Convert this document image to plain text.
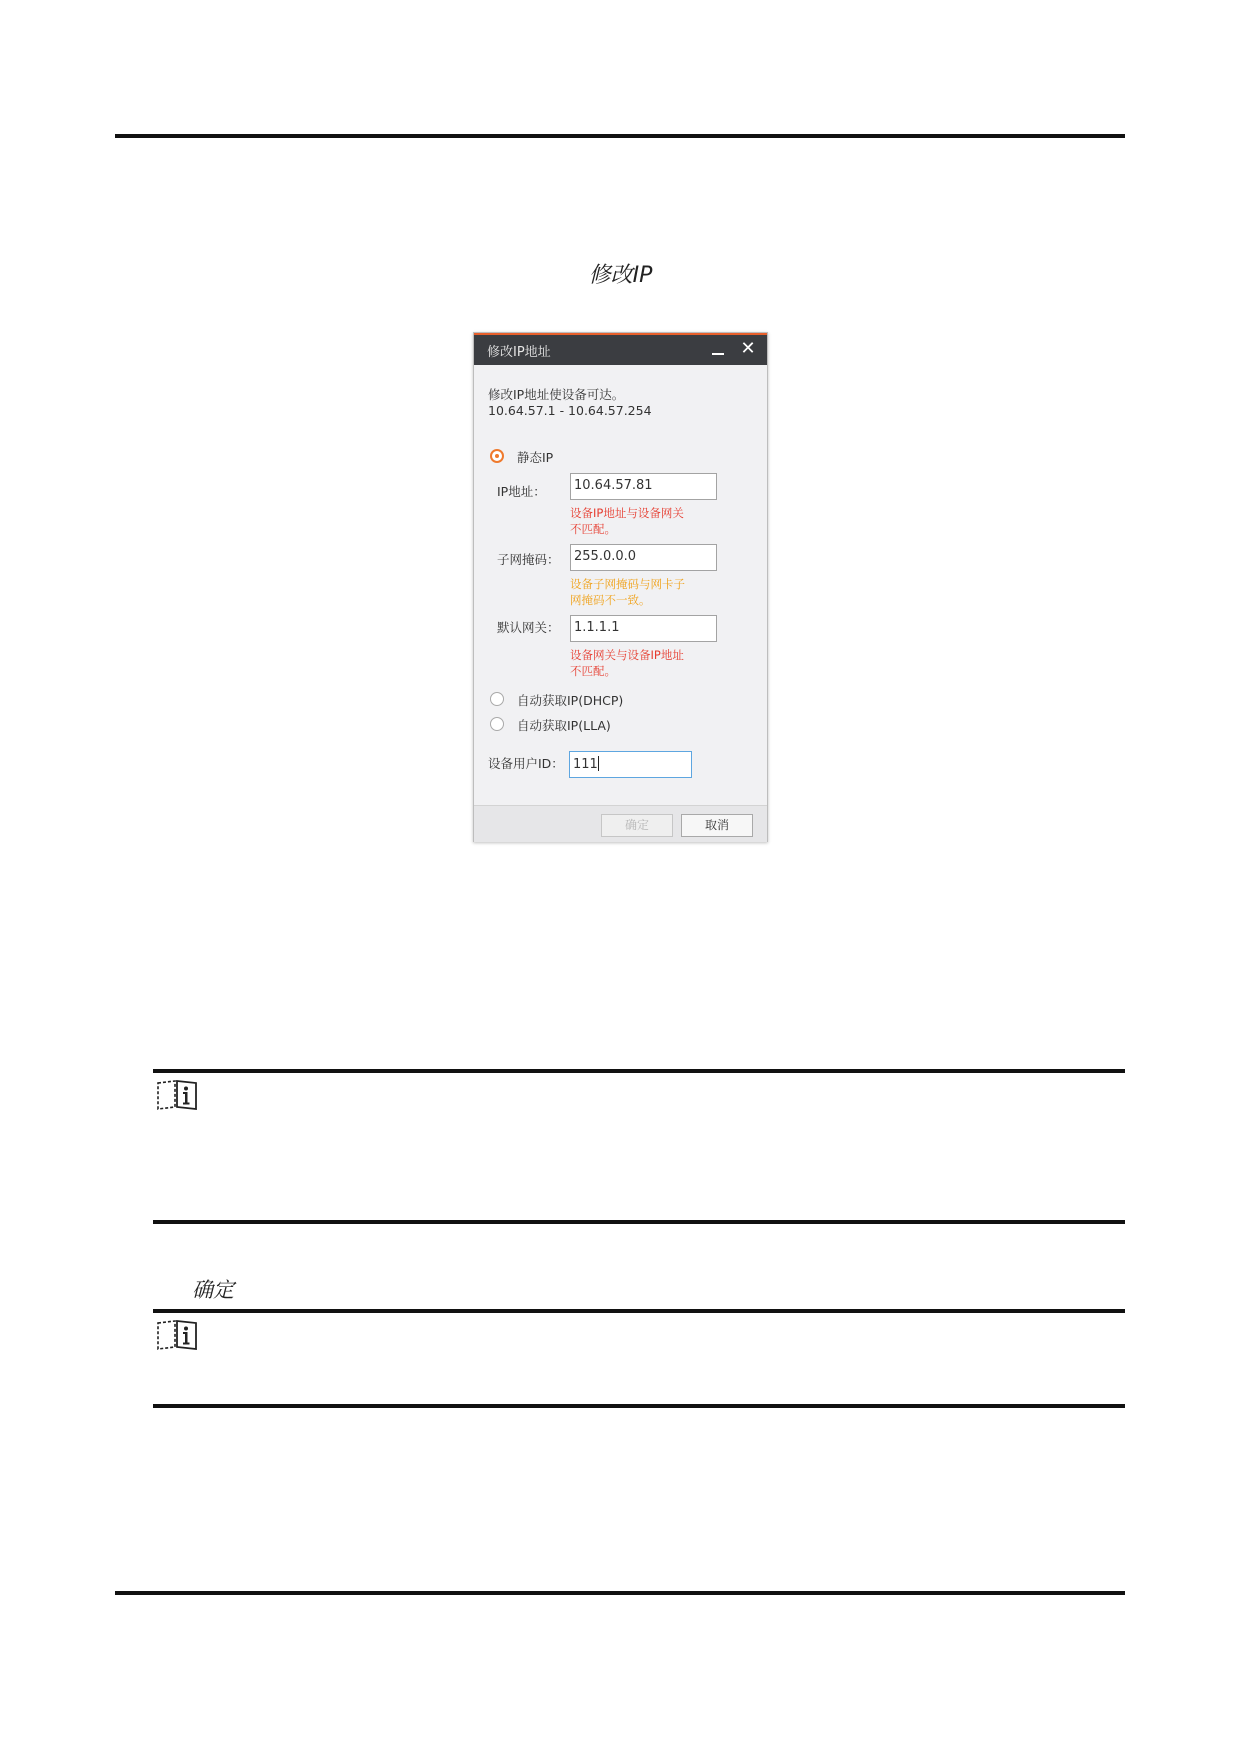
修改IP
修改IP地址	✕
修改IP地址使设备可达。
10.64.57.1 - 10.64.57.254
静态IP
IP地址：	10.64.57.81
设备IP地址与设备网关
不匹配。
子网掩码：	255.0.0.0
设备子网掩码与网卡子
网掩码不一致。
默认网关：	1.1.1.1
设备网关与设备IP地址
不匹配。
自动获取IP(DHCP)
自动获取IP(LLA)
设备用户ID： 111
确定	取消
确定
